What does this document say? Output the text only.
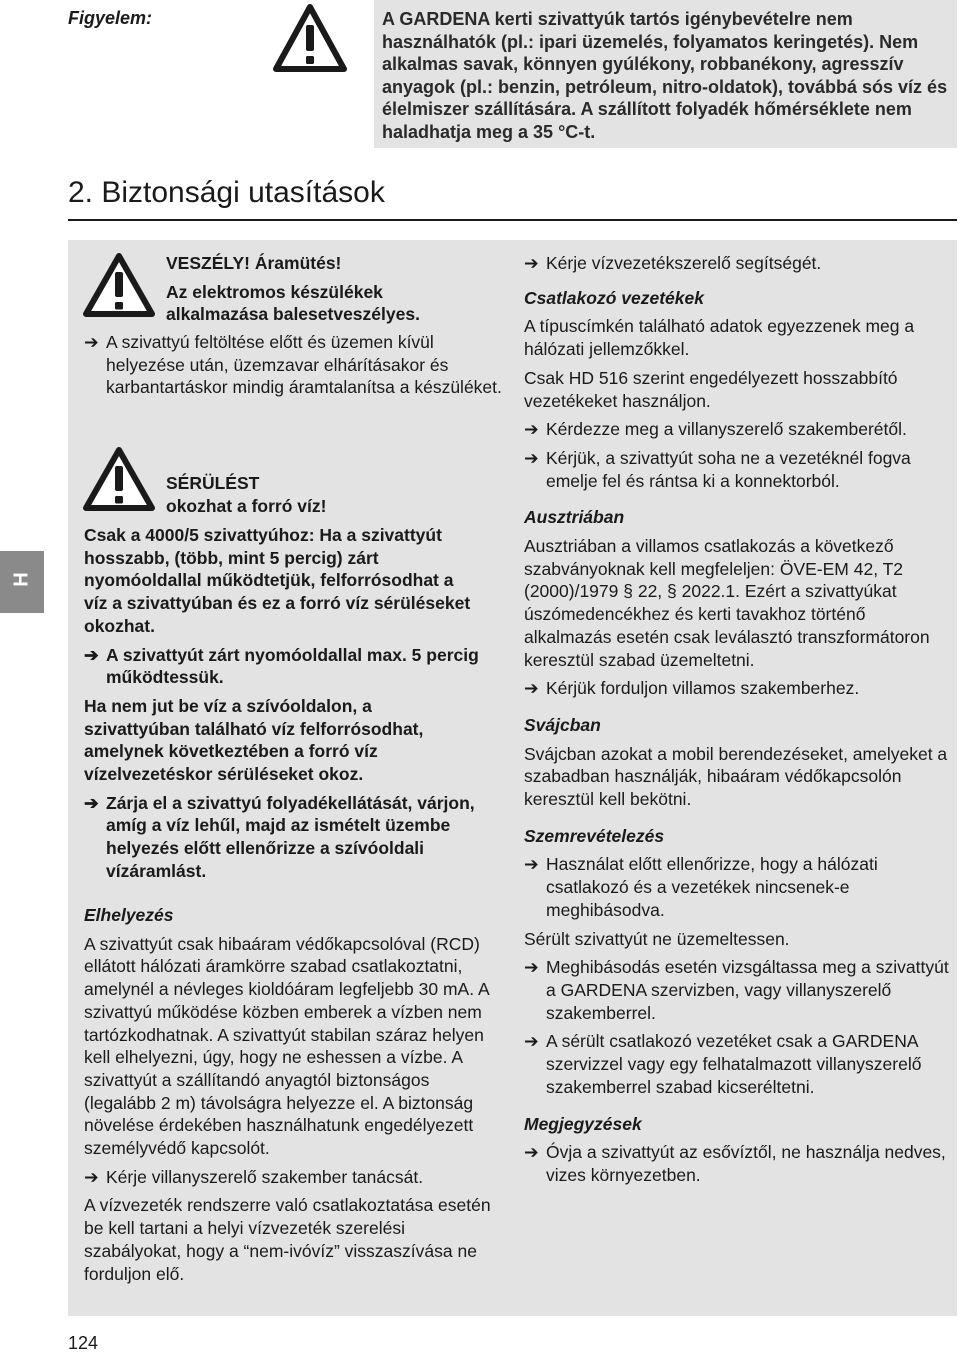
Figyelem:	A GARDENA kerti szivattyúk tartós igénybevételre nem használhatók (pl.: ipari üzemelés, folyamatos keringetés). Nem alkalmas savak, könnyen gyúlékony, robbanékony, agresszív anyagok (pl.: benzin, petróleum, nitro-oldatok), továbbá sós víz és élelmiszer szállítására. A szállított folyadék hőmérséklete nem haladhatja meg a 35 °C-t.
2. Biztonsági utasítások
H

VESZÉLY! Áramütés!

Az elektromos készülékek alkalmazása balesetveszélyes.

➔ A szivattyú feltöltése előtt és üzemen kívül helyezése után, üzemzavar elhárításakor és karbantartáskor mindig áramtalanítsa a készüléket.

SÉRÜLÉST

okozhat a forró víz!

Csak a 4000/5 szivattyúhoz: Ha a szivattyút hosszabb, (több, mint 5 percig) zárt nyomóoldallal működtetjük, felforrósodhat a víz a szivattyúban és ez a forró víz sérüléseket okozhat.

➔ A szivattyút zárt nyomóoldallal max. 5 percig működtessük.

Ha nem jut be víz a szívóoldalon, a szivattyúban található víz felforrósodhat, amelynek következtében a forró víz vízelvezetéskor sérüléseket okoz.

➔ Zárja el a szivattyú folyadékellátását, várjon, amíg a víz lehűl, majd az ismételt üzembe helyezés előtt ellenőrizze a szívóoldali vízáramlást.

Elhelyezés

A szivattyút csak hibaáram védőkapcsolóval (RCD) ellátott hálózati áramkörre szabad csatlakoztatni, amelynél a névleges kioldóáram legfeljebb 30 mA. A szivattyú működése közben emberek a vízben nem tartózkodhatnak. A szivattyút stabilan száraz helyen kell elhelyezni, úgy, hogy ne eshessen a vízbe. A szivattyút a szállítandó anyagtól biztonságos (legalább 2 m) távolságra helyezze el. A biztonság növelése érdekében használhatunk engedélyezett személyvédő kapcsolót.

➔ Kérje villanyszerelő szakember tanácsát.

A vízvezeték rendszerre való csatlakoztatása esetén be kell tartani a helyi vízvezeték szerelési szabályokat, hogy a “nem-ivóvíz” visszaszívása ne forduljon elő.

➔ Kérje vízvezetékszerelő segítségét.

Csatlakozó vezetékek

A típuscímkén található adatok egyezzenek meg a hálózati jellemzőkkel.

Csak HD 516 szerint engedélyezett hosszabbító vezetékeket használjon.

➔ Kérdezze meg a villanyszerelő szakemberétől.

➔ Kérjük, a szivattyút soha ne a vezetéknél fogva emelje fel és rántsa ki a konnektorból.

Ausztriában

Ausztriában a villamos csatlakozás a következő szabványoknak kell megfeleljen: ÖVE-EM 42, T2 (2000)/1979 § 22, § 2022.1. Ezért a szivattyúkat úszómedencékhez és kerti tavakhoz történő alkalmazás esetén csak leválasztó transzformátoron keresztül szabad üzemeltetni.

➔ Kérjük forduljon villamos szakemberhez.

Svájcban

Svájcban azokat a mobil berendezéseket, amelyeket a szabadban használják, hibaáram védőkapcsolón keresztül kell bekötni.

Szemrevételezés

➔ Használat előtt ellenőrizze, hogy a hálózati csatlakozó és a vezetékek nincsenek-e meghibásodva.

Sérült szivattyút ne üzemeltessen.

➔ Meghibásodás esetén vizsgáltassa meg a szivattyút a GARDENA szervizben, vagy villanyszerelő szakemberrel.

➔ A sérült csatlakozó vezetéket csak a GARDENA szervizzel vagy egy felhatalmazott villanyszerelő szakemberrel szabad kicseréltetni.

Megjegyzések

➔ Óvja a szivattyút az esővíztől, ne használja nedves, vizes környezetben.

124
